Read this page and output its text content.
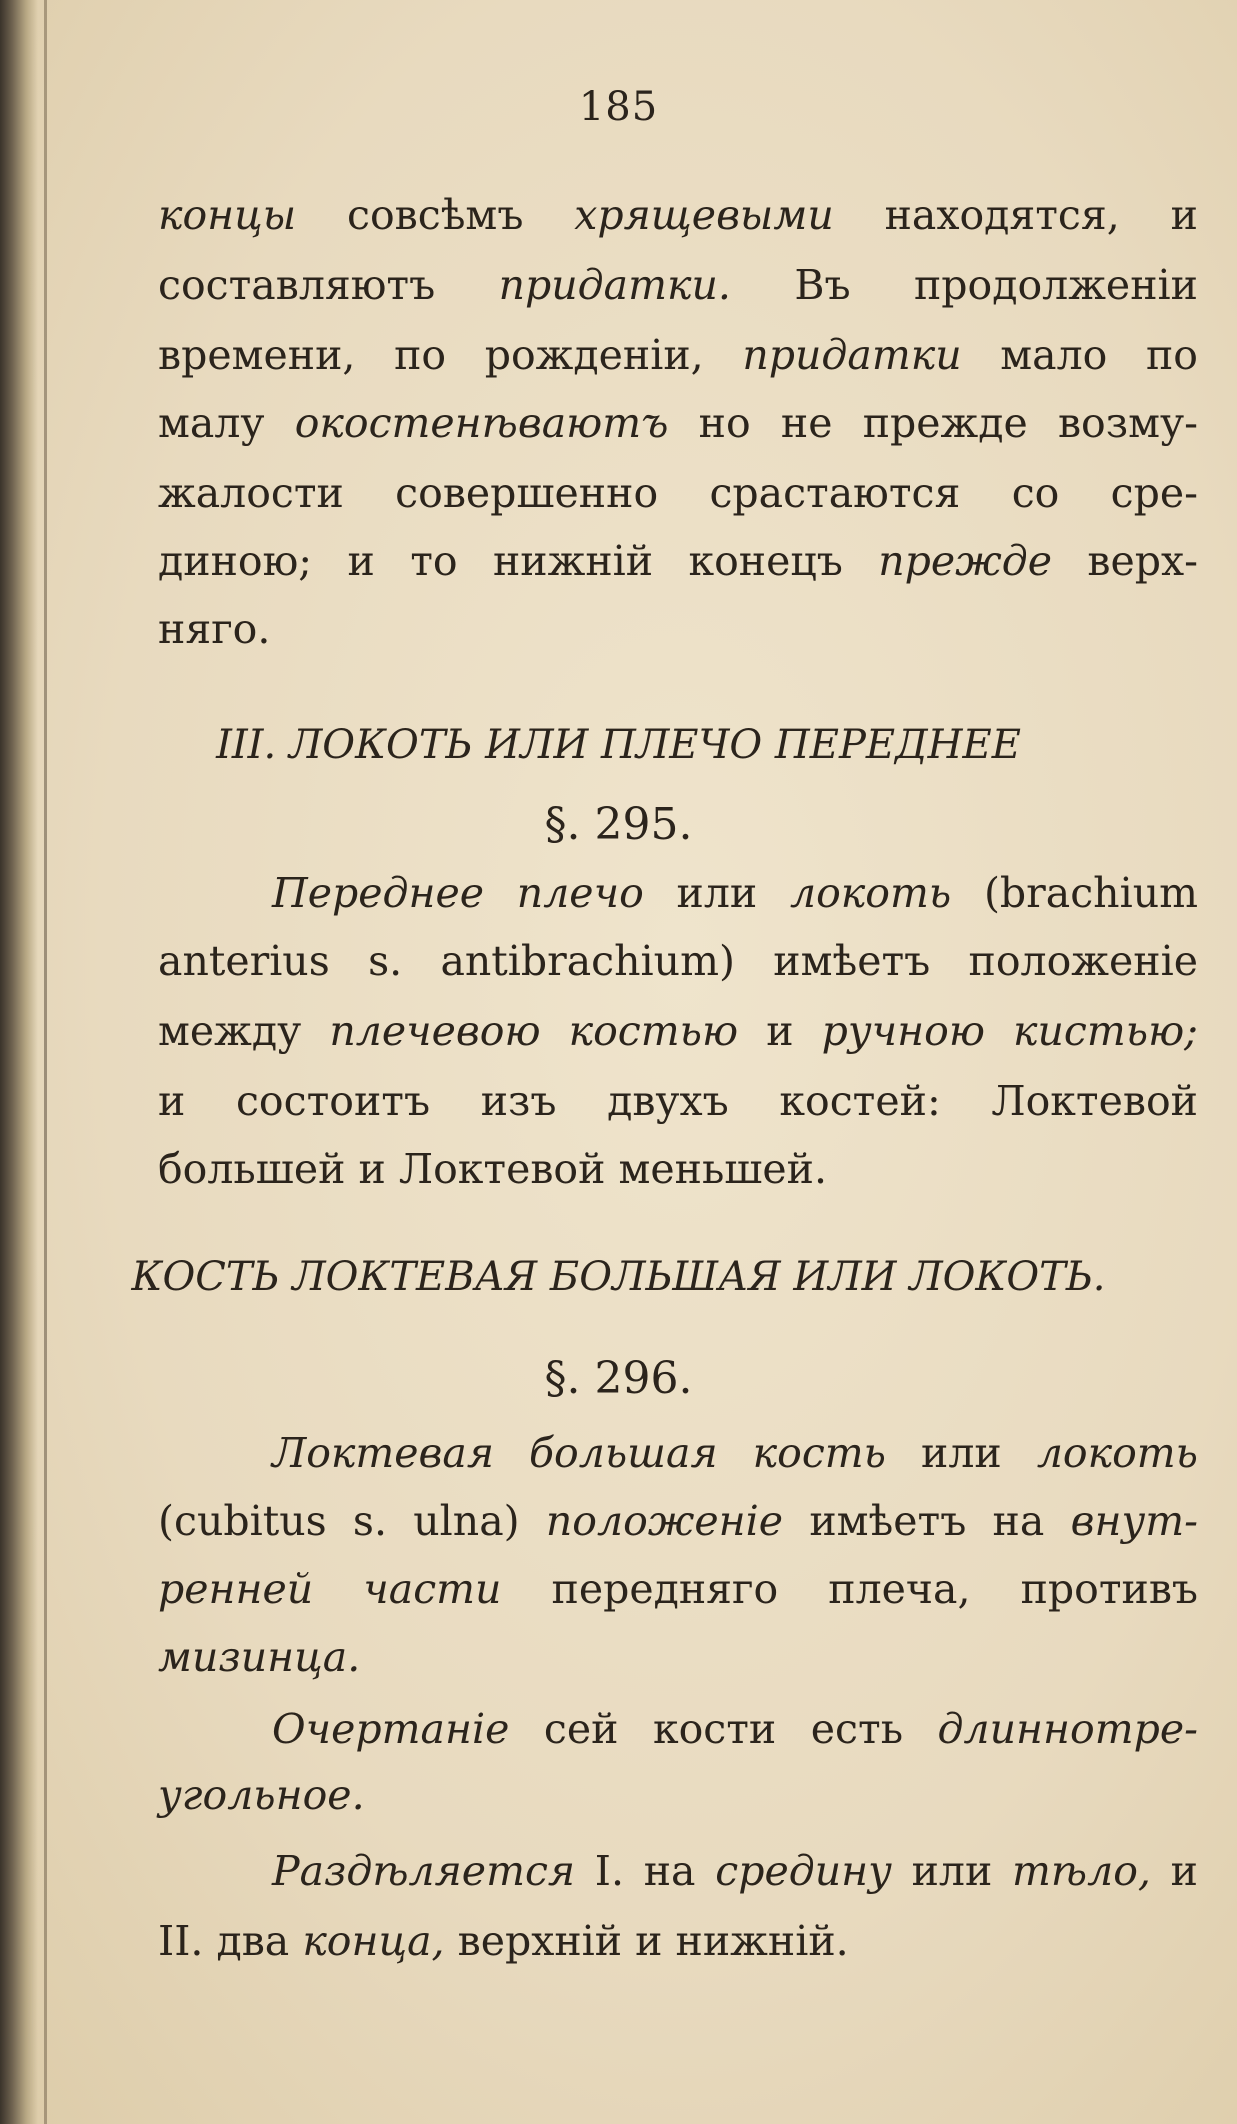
185
концы совсѣмъ хрящевыми находятся, и
составляютъ придатки. Въ продолженіи
времени, по рожденіи, придатки мало по
малу окостенѣваютъ но не прежде возму-
жалости совершенно срастаются со сре-
диною; и то нижній конецъ прежде верх-
няго.
III. ЛОКОТЬ ИЛИ ПЛЕЧО ПЕРЕДНЕЕ
§. 295.
Переднее плечо или локоть (brachium
anterius s. antibrachium) имѣетъ положеніе
между плечевою костью и ручною кистью;
и состоитъ изъ двухъ костей: Локтевой
большей и Локтевой меньшей.
КОСТЬ ЛОКТЕВАЯ БОЛЬШАЯ ИЛИ ЛОКОТЬ.
§. 296.
Локтевая большая кость или локоть
(cubitus s. ulna) положеніе имѣетъ на внут-
ренней части передняго плеча, противъ
мизинца.
Очертаніе сей кости есть длиннотре-
угольное.
Раздѣляется I. на средину или тѣло, и
II. два конца, верхній и нижній.
